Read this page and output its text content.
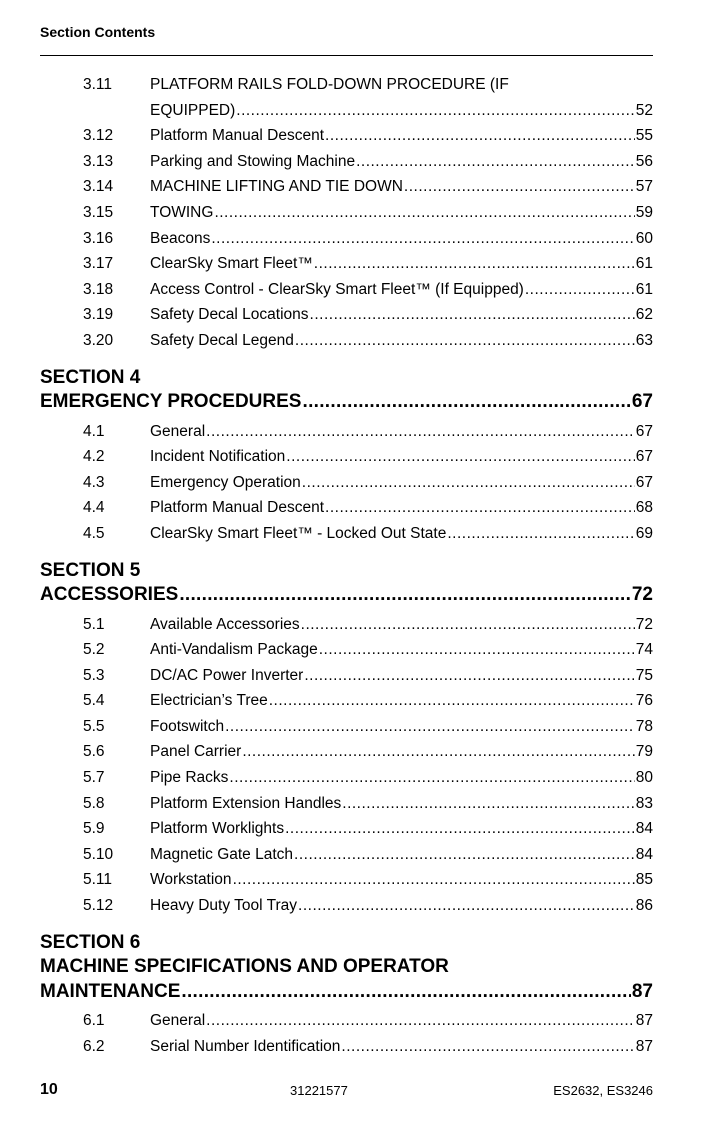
Section Contents
3.11 PLATFORM RAILS FOLD-DOWN PROCEDURE (IF
EQUIPPED) .....	52
3.12 Platform Manual Descent .....	55
3.13 Parking and Stowing Machine .....	56
3.14 MACHINE LIFTING AND TIE DOWN .....	57
3.15 TOWING .....	59
3.16 Beacons .....	60
3.17 ClearSky Smart Fleet™ .....	61
3.18 Access Control - ClearSky Smart Fleet™ (If Equipped) .....	61
3.19 Safety Decal Locations .....	62
3.20 Safety Decal Legend .....	63
SECTION 4
EMERGENCY PROCEDURES .....	67
4.1	General .....	67
4.2	Incident Notification .....	67
4.3	Emergency Operation .....	67
4.4	Platform Manual Descent .....	68
4.5	ClearSky Smart Fleet™ - Locked Out State .....	69
SECTION 5
ACCESSORIES .....	72
5.1	Available Accessories .....	72
5.2	Anti-Vandalism Package .....	74
5.3	DC/AC Power Inverter .....	75
5.4	Electrician’s Tree .....	76
5.5	Footswitch .....	78
5.6	Panel Carrier .....	79
5.7	Pipe Racks .....	80
5.8	Platform Extension Handles .....	83
5.9	Platform Worklights .....	84
5.10 Magnetic Gate Latch .....	84
5.11 Workstation .....	85
5.12 Heavy Duty Tool Tray .....	86
SECTION 6
MACHINE SPECIFICATIONS AND OPERATOR
MAINTENANCE .....	87
6.1	General .....	87
6.2	Serial Number Identification .....	87
10	31221577	ES2632, ES3246
